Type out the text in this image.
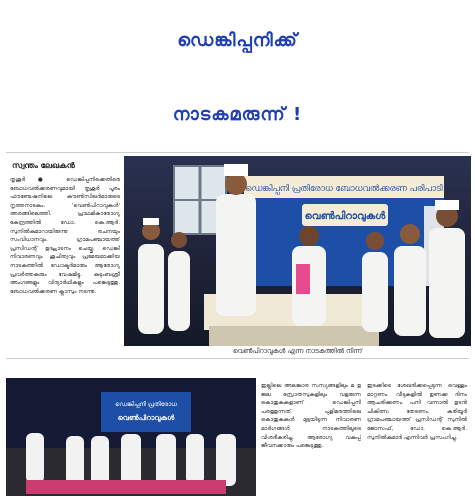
ഡെങ്കിപ്പനിക്ക്
നാടകമരുന്ന് !
സ്വന്തം ലേഖകന്‍
തൃശൂർ ● ഡെങ്കിപ്പനിക്കെതിരെ ബോധവൽക്കരണവുമായി തൃശൂർ പൂരം ഫൗണ്ടേഷനിലെ കൗൺസിലർമാരുടെ നൃത്തനാടകം. 'വെൺപിറാവുകൾ' അരങ്ങിലെത്തി. പ്രാഥമികാരോഗ്യ കേന്ദ്രത്തിൽ ഡോ. കെ.ആർ. സുനിൽകുമാറായിരുന്നു രചനയും സംവിധാനവും. ഗ്രാമപഞ്ചായത്ത് പ്രസിഡന്റ് ഉദ്ഘാടനം ചെയ്തു. ഡെങ്കി നിവാരണവും ശുചിത്വവും പ്രമേയമാക്കിയ നാടകത്തിൽ ഡോക്ടർമാരും ആരോഗ്യ പ്രവർത്തകരും വേഷമിട്ടു. കുടുംബശ്രീ അംഗങ്ങളും വിദ്യാർഥികളും പങ്കെടുത്തു. ബോധവൽക്കരണ ക്ലാസും നടന്നു.
ഡെങ്കിപ്പനി പ്രതിരോധ ബോധവൽക്കരണ പരിപാടി
വെൺപിറാവുകൾ
വെൺപിറാവുകൾ എന്ന നാടകത്തിൽ നിന്ന്
ഡെങ്കിപ്പനി പ്രതിരോധ
വെൺപിറാവുകൾ
ഇല്ലിലെ അലങ്കാര സസ്യങ്ങളിലും മ ഉ ജല സ്രോതസുകളിലും വളരുന്ന കൊതുകുകളാണ് ഡെങ്കിപ്പനി പരത്തുന്നത്. പുളിമരത്തിലെ കൊതുകുകൾ മുട്ടയിടുന്ന നിവാരണ മാർഗങ്ങൾ നാടകത്തിലൂടെ വിശദീകരിച്ചു. ആരോഗ്യ വകുപ്പ് ജീവനക്കാരും പങ്കെടുത്തു.
ഇടക്കിടെ ശേഖരിക്കപ്പെടുന്ന വെള്ളം മാറ്റണം. വീടുകളിൽ ഉണക്ക ദിനം ആചരിക്കണം. പനി വന്നാൽ ഉടൻ ചികിത്സ തേടണം. കരിയൂർ ഗ്രാമപഞ്ചായത്ത് പ്രസിഡന്റ് സുനിൽ ജോസഫ്, ഡോ. കെ.ആർ. സുനിൽകുമാർ എന്നിവർ പ്രസംഗിച്ചു.
